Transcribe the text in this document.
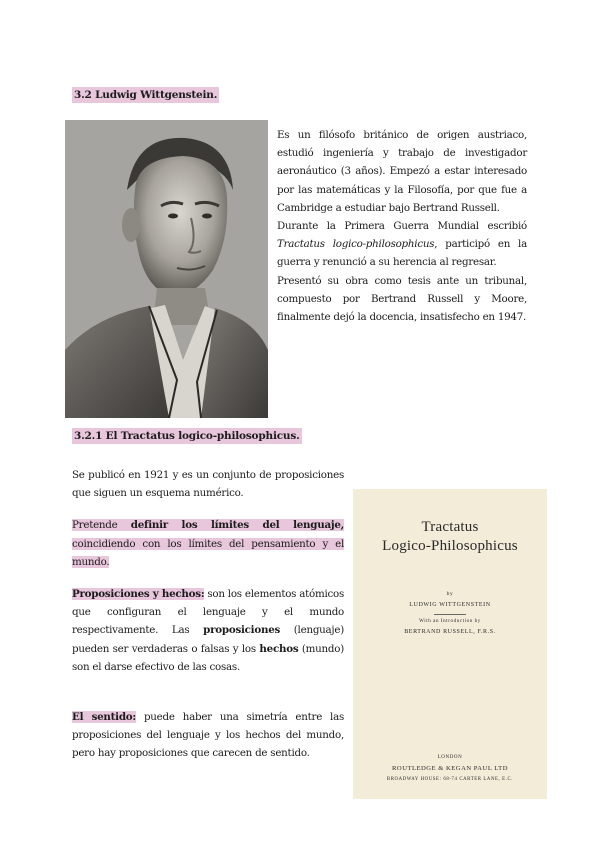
3.2 Ludwig Wittgenstein.

Es un filósofo británico de origen austriaco, estudió ingeniería y trabajo de investigador aeronáutico (3 años). Empezó a estar interesado por las matemáticas y la Filosofía, por que fue a Cambridge a estudiar bajo Bertrand Russell.

Durante la Primera Guerra Mundial escribió Tractatus logico-philosophicus, participó en la guerra y renunció a su herencia al regresar.

Presentó su obra como tesis ante un tribunal, compuesto por Bertrand Russell y Moore, finalmente dejó la docencia, insatisfecho en 1947.

3.2.1 El Tractatus logico-philosophicus.

Se publicó en 1921 y es un conjunto de proposiciones que siguen un esquema numérico.

Pretende definir los límites del lenguaje, coincidiendo con los límites del pensamiento y el mundo.

Proposiciones y hechos: son los elementos atómicos que configuran el lenguaje y el mundo respectivamente. Las proposiciones (lenguaje) pueden ser verdaderas o falsas y los hechos (mundo) son el darse efectivo de las cosas.

El sentido: puede haber una simetría entre las proposiciones del lenguaje y los hechos del mundo, pero hay proposiciones que carecen de sentido.

Tractatus
Logico-Philosophicus
by
LUDWIG WITTGENSTEIN
With an Introduction by
BERTRAND RUSSELL, F.R.S.
LONDON
ROUTLEDGE & KEGAN PAUL LTD
BROADWAY HOUSE: 68-74 CARTER LANE, E.C.
